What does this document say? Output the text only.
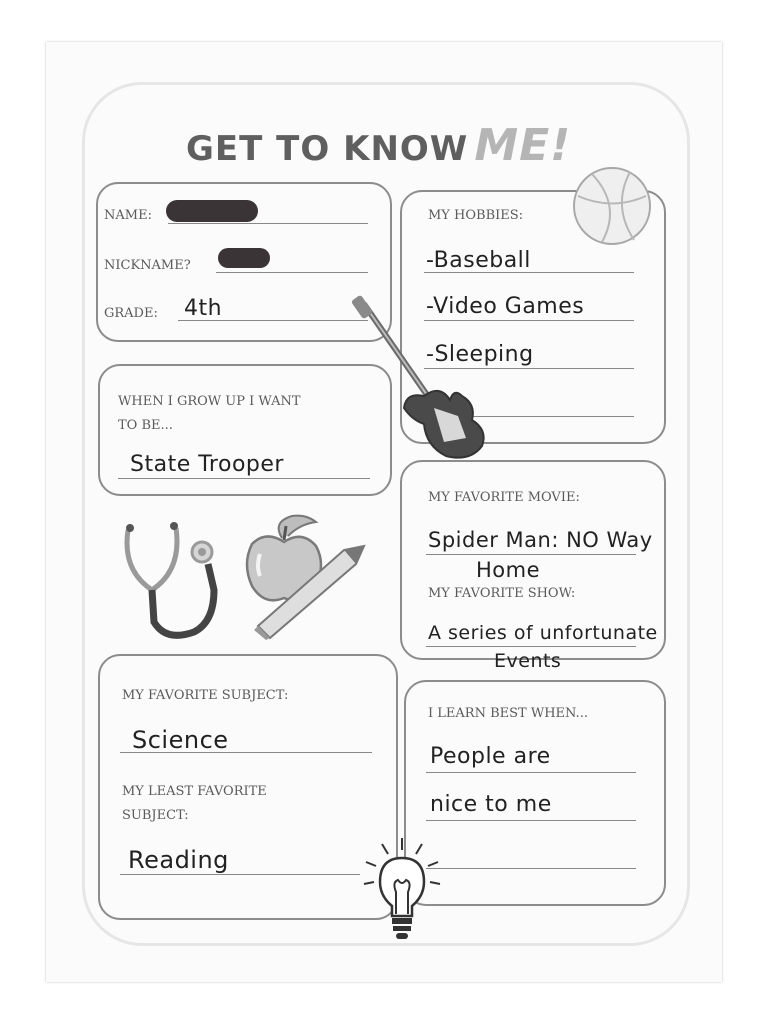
GET TO KNOW ME!
NAME:
NICKNAME?
GRADE: 4th
MY HOBBIES:
-Baseball
-Video Games
-Sleeping
WHEN I GROW UP I WANT
TO BE...
State Trooper
MY FAVORITE MOVIE:
Spider Man: NO Way
Home
MY FAVORITE SHOW:
A series of unfortunate
Events
MY FAVORITE SUBJECT:
Science
MY LEAST FAVORITE
SUBJECT:
Reading
I LEARN BEST WHEN...
People are
nice to me
